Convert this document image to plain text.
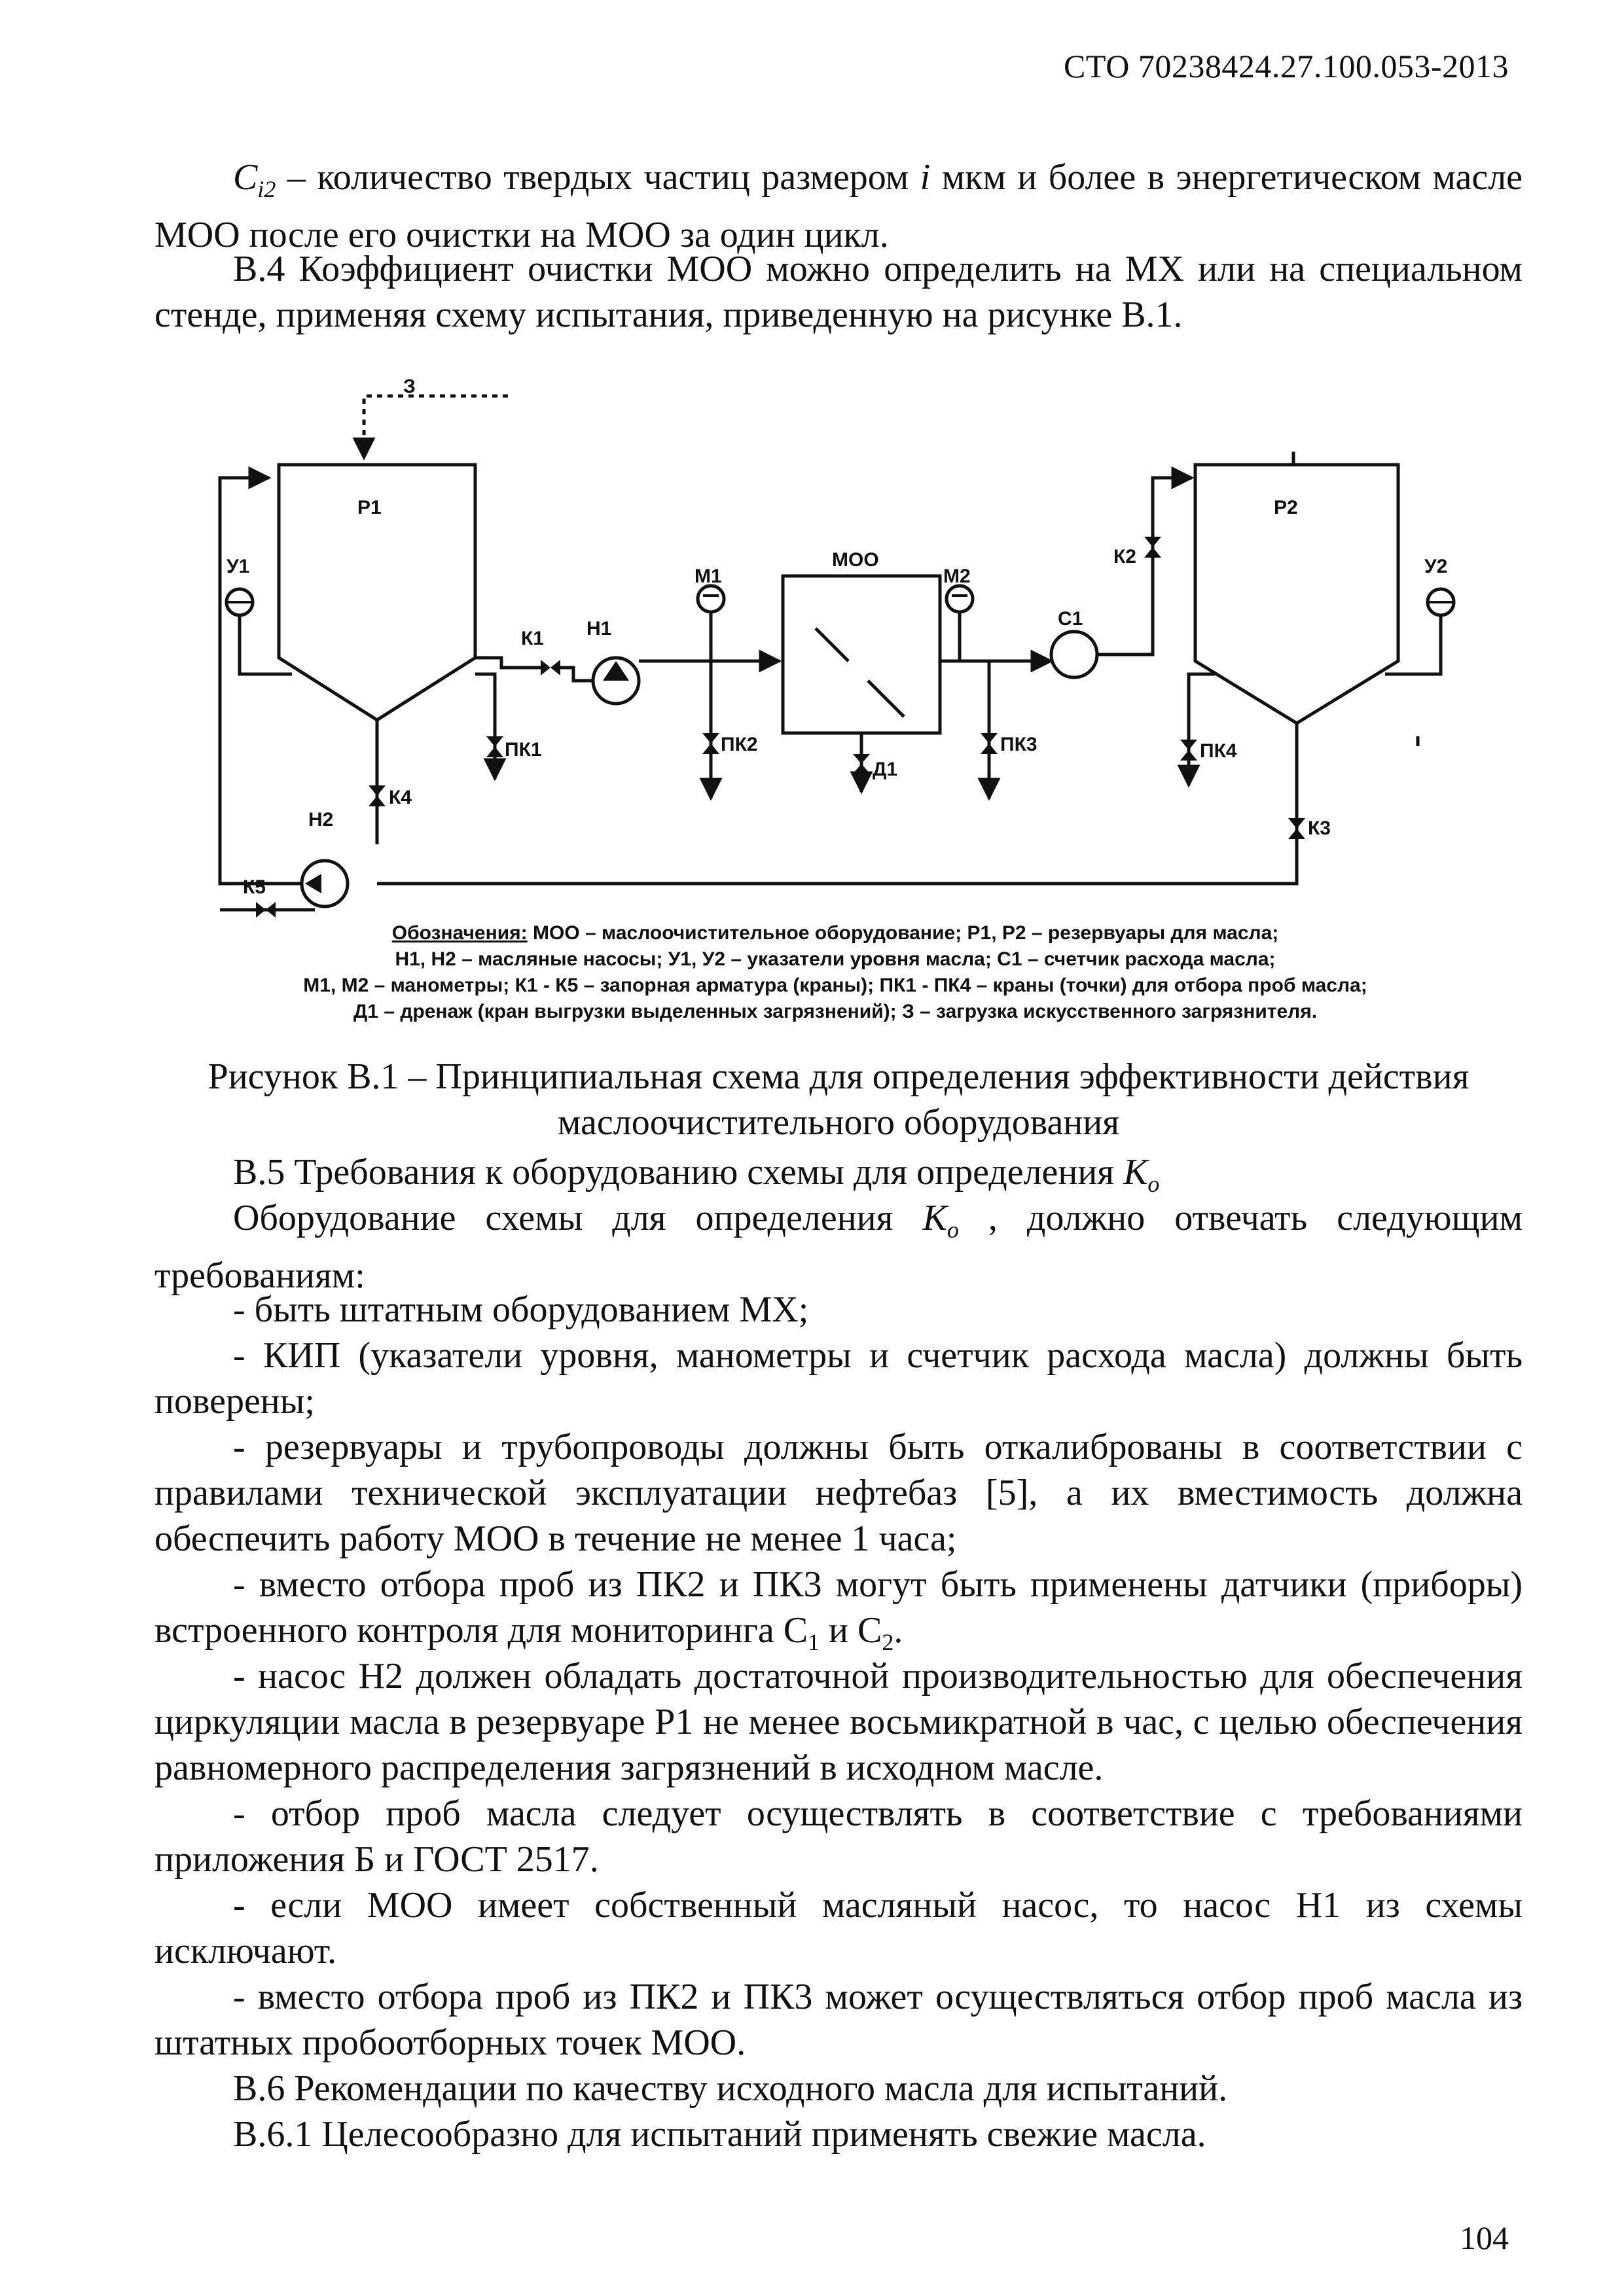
СТО 70238424.27.100.053-2013
$C_{i2}$ – количество твердых частиц размером i мкм и более в энергетическом масле МОО после его очистки на МОО за один цикл.
В.4 Коэффициент очистки МОО можно определить на МХ или на специальном стенде, применяя схему испытания, приведенную на рисунке В.1.
З
Р1	Р2
У1	У2
МОО
М1	М2
К1 Н1
К2
С1
ПК1	ПК2	ПК3	ПК4
Д1
К3
К4
Н2
К5
Обозначения: МОО – маслоочистительное оборудование; Р1, Р2 – резервуары для масла;
Н1, Н2 – масляные насосы; У1, У2 – указатели уровня масла; С1 – счетчик расхода масла;
М1, М2 – манометры; К1 - К5 – запорная арматура (краны); ПК1 - ПК4 – краны (точки) для отбора проб масла;
Д1 – дренаж (кран выгрузки выделенных загрязнений); З – загрузка искусственного загрязнителя.
Рисунок В.1 – Принципиальная схема для определения эффективности действия маслоочистительного оборудования
В.5 Требования к оборудованию схемы для определения $K_o$
Оборудование схемы для определения $K_o$ , должно отвечать следующим требованиям:
- быть штатным оборудованием МХ;
- КИП (указатели уровня, манометры и счетчик расхода масла) должны быть поверены;
- резервуары и трубопроводы должны быть откалиброваны в соответствии с правилами технической эксплуатации нефтебаз [5], а их вместимость должна обеспечить работу МОО в течение не менее 1 часа;
- вместо отбора проб из ПК2 и ПК3 могут быть применены датчики (приборы) встроенного контроля для мониторинга $С_1$ и $С_2$.
- насос Н2 должен обладать достаточной производительностью для обеспечения циркуляции масла в резервуаре Р1 не менее восьмикратной в час, с целью обеспечения равномерного распределения загрязнений в исходном масле.
- отбор проб масла следует осуществлять в соответствие с требованиями приложения Б и ГОСТ 2517.
- если МОО имеет собственный масляный насос, то насос Н1 из схемы исключают.
- вместо отбора проб из ПК2 и ПК3 может осуществляться отбор проб масла из штатных пробоотборных точек МОО.
В.6 Рекомендации по качеству исходного масла для испытаний.
В.6.1 Целесообразно для испытаний применять свежие масла.
104
